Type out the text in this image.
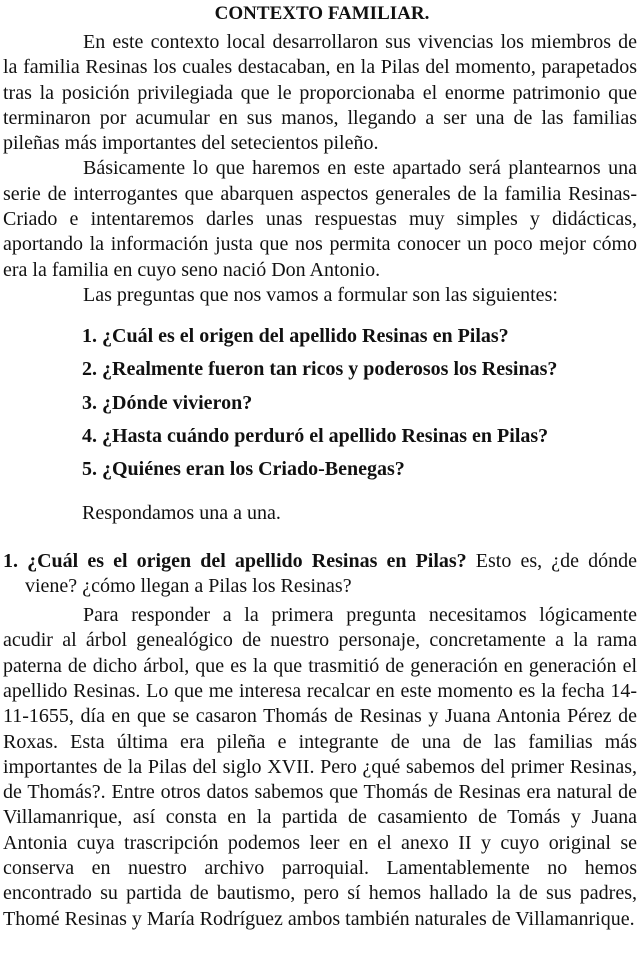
CONTEXTO FAMILIAR.

En este contexto local desarrollaron sus vivencias los miembros de la familia Resinas los cuales destacaban, en la Pilas del momento, parapetados tras la posición privilegiada que le proporcionaba el enorme patrimonio que terminaron por acumular en sus manos, llegando a ser una de las familias pileñas más importantes del setecientos pileño.

Básicamente lo que haremos en este apartado será plantearnos una serie de interrogantes que abarquen aspectos generales de la familia Resinas-Criado e intentaremos darles unas respuestas muy simples y didácticas, aportando la información justa que nos permita conocer un poco mejor cómo era la familia en cuyo seno nació Don Antonio.

Las preguntas que nos vamos a formular son las siguientes:

1. ¿Cuál es el origen del apellido Resinas en Pilas?
2. ¿Realmente fueron tan ricos y poderosos los Resinas?
3. ¿Dónde vivieron?
4. ¿Hasta cuándo perduró el apellido Resinas en Pilas?
5. ¿Quiénes eran los Criado-Benegas?

Respondamos una a una.

1. ¿Cuál es el origen del apellido Resinas en Pilas? Esto es, ¿de dónde viene? ¿cómo llegan a Pilas los Resinas?

Para responder a la primera pregunta necesitamos lógicamente acudir al árbol genealógico de nuestro personaje, concretamente a la rama paterna de dicho árbol, que es la que trasmitió de generación en generación el apellido Resinas. Lo que me interesa recalcar en este momento es la fecha 14-11-1655, día en que se casaron Thomás de Resinas y Juana Antonia Pérez de Roxas. Esta última era pileña e integrante de una de las familias más importantes de la Pilas del siglo XVII. Pero ¿qué sabemos del primer Resinas, de Thomás?. Entre otros datos sabemos que Thomás de Resinas era natural de Villamanrique, así consta en la partida de casamiento de Tomás y Juana Antonia cuya trascripción podemos leer en el anexo II y cuyo original se conserva en nuestro archivo parroquial. Lamentablemente no hemos encontrado su partida de bautismo, pero sí hemos hallado la de sus padres, Thomé Resinas y María Rodríguez ambos también naturales de Villamanrique.
